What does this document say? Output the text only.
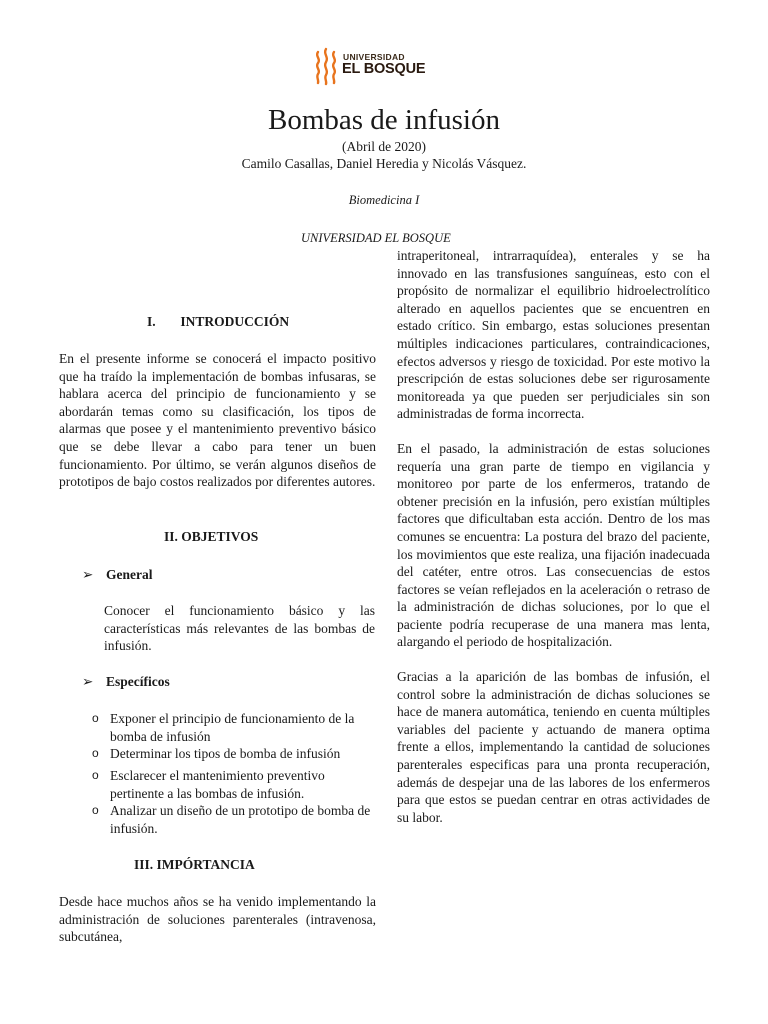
UNIVERSIDAD
EL BOSQUE
Bombas de infusión
(Abril de 2020)
Camilo Casallas, Daniel Heredia y Nicolás Vásquez.
Biomedicina I
UNIVERSIDAD EL BOSQUE
I. INTRODUCCIÓN

En el presente informe se conocerá el impacto positivo que ha traído la implementación de bombas infusaras, se hablara acerca del principio de funcionamiento y se abordarán temas como su clasificación, los tipos de alarmas que posee y el mantenimiento preventivo básico que se debe llevar a cabo para tener un buen funcionamiento. Por último, se verán algunos diseños de prototipos de bajo costos realizados por diferentes autores.

II. OBJETIVOS
➢ General

Conocer el funcionamiento básico y las características más relevantes de las bombas de infusión.

➢ Específicos
o Exponer el principio de funcionamiento de la bomba de infusión
o Determinar los tipos de bomba de infusión
o Esclarecer el mantenimiento preventivo pertinente a las bombas de infusión.
o Analizar un diseño de un prototipo de bomba de infusión.
III. IMPÓRTANCIA

Desde hace muchos años se ha venido implementando la administración de soluciones parenterales (intravenosa, subcutánea,

intraperitoneal, intrarraquídea), enterales y se ha innovado en las transfusiones sanguíneas, esto con el propósito de normalizar el equilibrio hidroelectrolítico alterado en aquellos pacientes que se encuentren en estado crítico. Sin embargo, estas soluciones presentan múltiples indicaciones particulares, contraindicaciones, efectos adversos y riesgo de toxicidad. Por este motivo la prescripción de estas soluciones debe ser rigurosamente monitoreada ya que pueden ser perjudiciales sin son administradas de forma incorrecta.

En el pasado, la administración de estas soluciones requería una gran parte de tiempo en vigilancia y monitoreo por parte de los enfermeros, tratando de obtener precisión en la infusión, pero existían múltiples factores que dificultaban esta acción. Dentro de los mas comunes se encuentra: La postura del brazo del paciente, los movimientos que este realiza, una fijación inadecuada del catéter, entre otros. Las consecuencias de estos factores se veían reflejados en la aceleración o retraso de la administración de dichas soluciones, por lo que el paciente podría recuperase de una manera mas lenta, alargando el periodo de hospitalización.

Gracias a la aparición de las bombas de infusión, el control sobre la administración de dichas soluciones se hace de manera automática, teniendo en cuenta múltiples variables del paciente y actuando de manera optima frente a ellos, implementando la cantidad de soluciones parenterales especificas para una pronta recuperación, además de despejar una de las labores de los enfermeros para que estos se puedan centrar en otras actividades de su labor.
